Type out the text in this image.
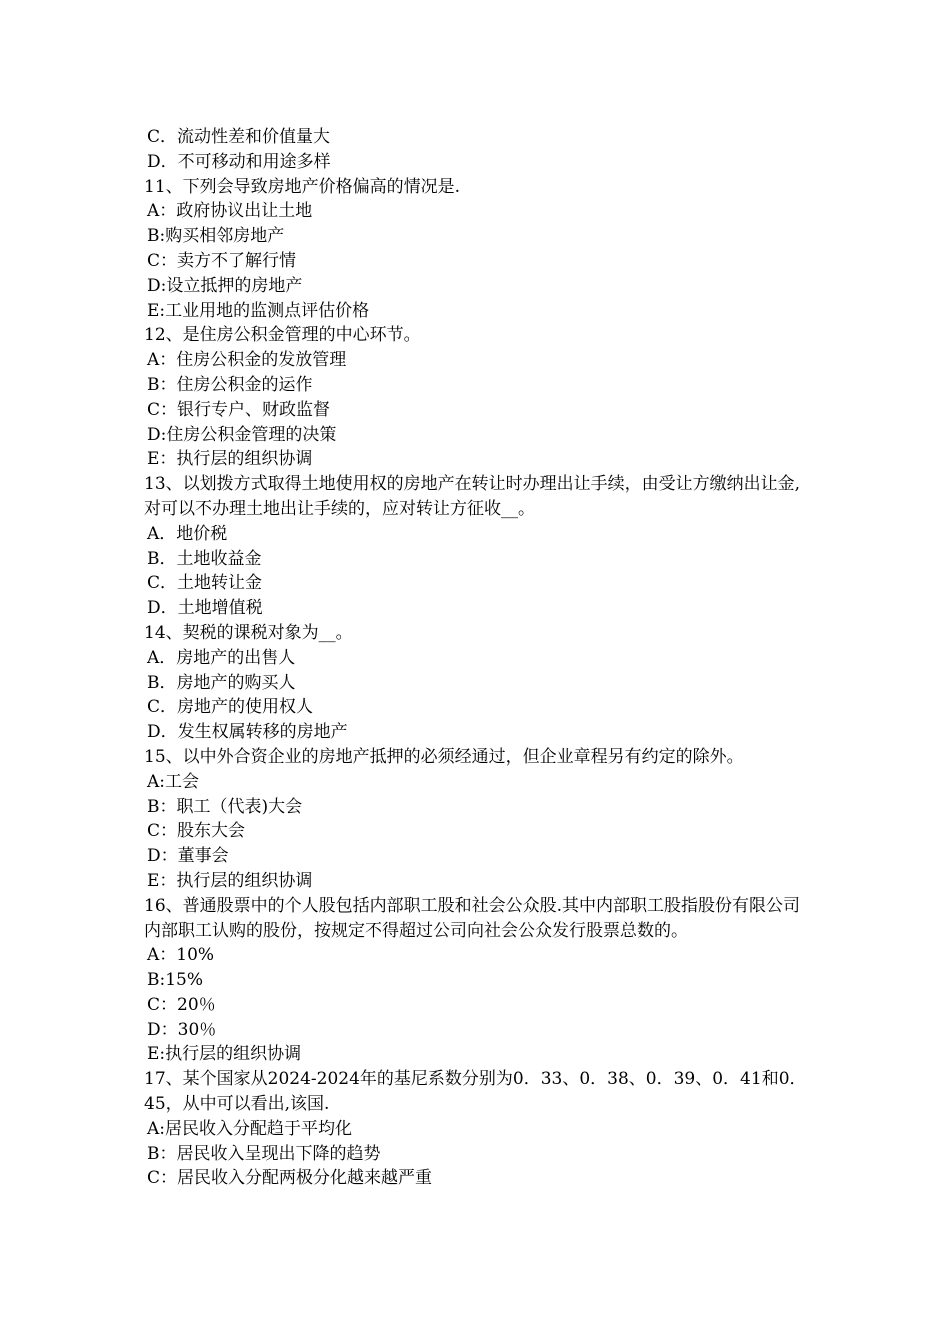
C．流动性差和价值量大

D．不可移动和用途多样

11、下列会导致房地产价格偏高的情况是.

A：政府协议出让土地

B:购买相邻房地产

C：卖方不了解行情

D:设立抵押的房地产

E:工业用地的监测点评估价格

12、是住房公积金管理的中心环节。

A：住房公积金的发放管理

B：住房公积金的运作

C：银行专户、财政监督

D:住房公积金管理的决策

E：执行层的组织协调

13、以划拨方式取得土地使用权的房地产在转让时办理出让手续，由受让方缴纳出让金,对可以不办理土地出让手续的，应对转让方征收__。

A．地价税

B．土地收益金

C．土地转让金

D．土地增值税

14、契税的课税对象为__。

A．房地产的出售人

B．房地产的购买人

C．房地产的使用权人

D．发生权属转移的房地产

15、以中外合资企业的房地产抵押的必须经通过，但企业章程另有约定的除外。

A:工会

B：职工（代表)大会

C：股东大会

D：董事会

E：执行层的组织协调

16、普通股票中的个人股包括内部职工股和社会公众股.其中内部职工股指股份有限公司内部职工认购的股份，按规定不得超过公司向社会公众发行股票总数的。

A：10%

B:15%

C：20％

D：30％

E:执行层的组织协调

17、某个国家从2024-2024年的基尼系数分别为0．33、0．38、0．39、0．41和0．45，从中可以看出,该国.

A:居民收入分配趋于平均化

B：居民收入呈现出下降的趋势

C：居民收入分配两极分化越来越严重
